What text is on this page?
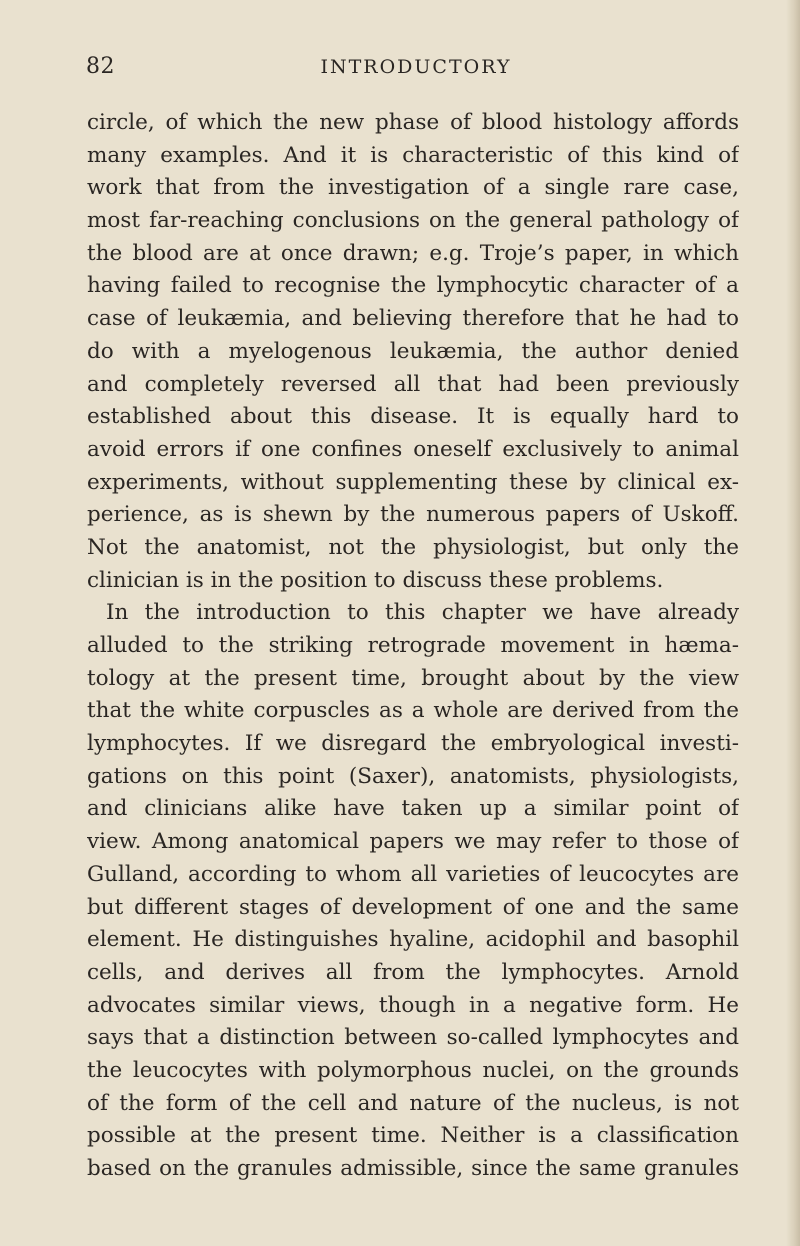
82	INTRODUCTORY
circle, of which the new phase of blood histology affords
many examples. And it is characteristic of this kind of
work that from the investigation of a single rare case,
most far-reaching conclusions on the general pathology of
the blood are at once drawn; e.g. Troje’s paper, in which
having failed to recognise the lymphocytic character of a
case of leukæmia, and believing therefore that he had to
do with a myelogenous leukæmia, the author denied
and completely reversed all that had been previously
established about this disease. It is equally hard to
avoid errors if one confines oneself exclusively to animal
experiments, without supplementing these by clinical ex-
perience, as is shewn by the numerous papers of Uskoff.
Not the anatomist, not the physiologist, but only the
clinician is in the position to discuss these problems.
In the introduction to this chapter we have already
alluded to the striking retrograde movement in hæma-
tology at the present time, brought about by the view
that the white corpuscles as a whole are derived from the
lymphocytes. If we disregard the embryological investi-
gations on this point (Saxer), anatomists, physiologists,
and clinicians alike have taken up a similar point of
view. Among anatomical papers we may refer to those of
Gulland, according to whom all varieties of leucocytes are
but different stages of development of one and the same
element. He distinguishes hyaline, acidophil and basophil
cells, and derives all from the lymphocytes. Arnold
advocates similar views, though in a negative form. He
says that a distinction between so-called lymphocytes and
the leucocytes with polymorphous nuclei, on the grounds
of the form of the cell and nature of the nucleus, is not
possible at the present time. Neither is a classification
based on the granules admissible, since the same granules
